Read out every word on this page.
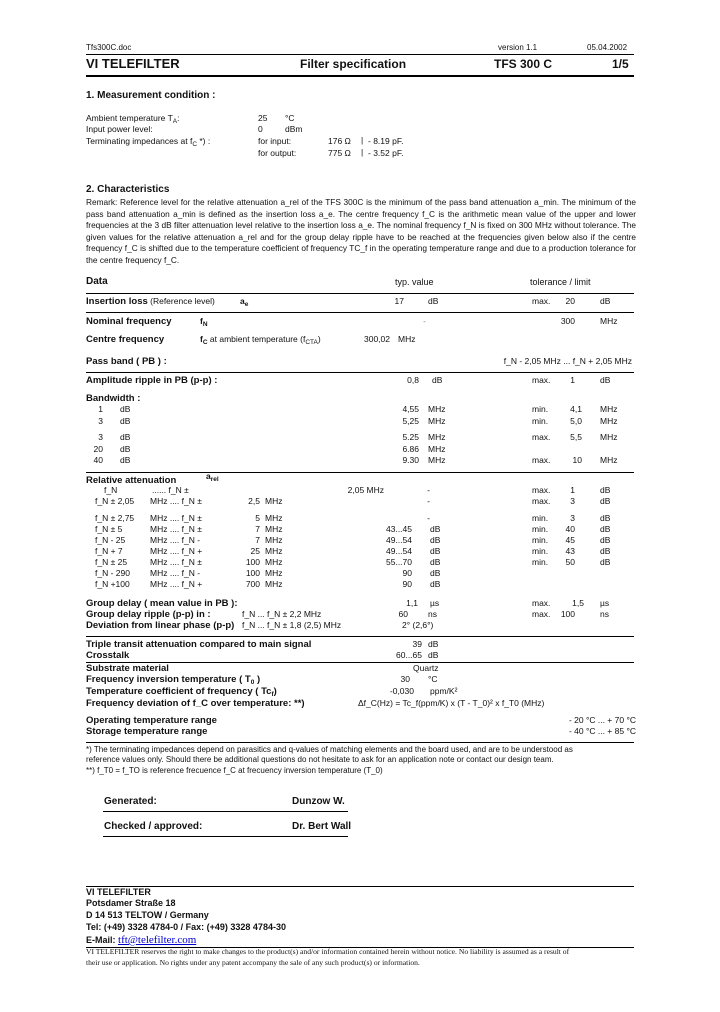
Tfs300C.doc	version 1.1	05.04.2002
VI TELEFILTER	Filter specification	TFS 300 C	1/5
1. Measurement condition :
Ambient temperature $T_A$:	25 °C
Input power level:	0	dBm
Terminating impedances at $f_C$ *) :	for input:	176 Ω | - 8.19 pF.
for output:	775 Ω | - 3.52 pF.
2. Characteristics
Remark: Reference level for the relative attenuation a_rel of the TFS 300C is the minimum of the pass band attenuation a_min. The minimum of the pass band attenuation a_min is defined as the insertion loss a_e. The centre frequency f_C is the arithmetic mean value of the upper and lower frequencies at the 3 dB filter attenuation level relative to the insertion loss a_e. The nominal frequency f_N is fixed on 300 MHz without tolerance. The given values for the relative attenuation a_rel and for the group delay ripple have to be reached at the frequencies given below also if the centre frequency f_C is shifted due to the temperature coefficient of frequency TC_f in the operating temperature range and due to a production tolerance for the centre frequency f_C.
Data	typ. value	tolerance / limit
Insertion loss (Reference level)	$a_e$	17	dB	max. 20	dB
Nominal frequency	$f_N$	-	300	MHz
Centre frequency	$f_C$ at ambient temperature $(f_{CTA})$	300,02 MHz
Pass band ( PB ) :	f_N - 2,05 MHz ... f_N + 2,05 MHz
Amplitude ripple in PB (p-p) :	0,8 dB	max. 1	dB
Bandwidth :
1 dB	4,55 MHz	min.	4,1 MHz
3 dB	5,25 MHz	min.	5,0 MHz
3 dB	5.25 MHz	max. 5,5 MHz
20 dB	6.86 MHz
40 dB	9.30 MHz	max.	10 MHz
Relative attenuation	$a_{rel}$
f_N	...... f_N ±	2,05 MHz	-	max. 1	dB
f_N ± 2,05 MHz .... f_N ±	2,5 MHz	-	max. 3	dB
f_N ± 2,75 MHz .... f_N ±	5 MHz	-	min.	3	dB
f_N ± 5	MHz .... f_N ±	7 MHz	43...45 dB	min. 40	dB
f_N - 25	MHz .... f_N -	7 MHz	49...54 dB	min. 45	dB
f_N + 7	MHz .... f_N +	25 MHz	49...54 dB	min. 43	dB
f_N ± 25	MHz .... f_N ±	100 MHz	55...70 dB	min. 50	dB
f_N - 290 MHz .... f_N -	100 MHz	90 dB
f_N +100 MHz .... f_N +	700 MHz	90 dB
Group delay ( mean value in PB ):	1,1 µs	max.	1,5 µs
Group delay ripple (p-p) in :	f_N ... f_N ± 2,2 MHz	60 ns	max. 100	ns
Deviation from linear phase (p-p) f_N ... f_N ± 1,8 (2,5) MHz	2° (2,6°)
Triple transit attenuation compared to main signal	39 dB
Crosstalk	60...65 dB
Substrate material	Quartz
Frequency inversion temperature ( $T_0$ )	30 °C
Temperature coefficient of frequency ( $Tc_f$)	-0,030 ppm/K²
Frequency deviation of f_C over temperature: **)	Δf_C(Hz) = Tc_f(ppm/K) x (T - T_0)² x f_T0 (MHz)
Operating temperature range	- 20 °C ... + 70 °C
Storage temperature range	- 40 °C ... + 85 °C
*) The terminating impedances depend on parasitics and q-values of matching elements and the board used, and are to be understood as
reference values only. Should there be additional questions do not hesitate to ask for an application note or contact our design team.
**) f_T0 = f_TO is reference frecuence f_C at frecuency inversion temperature (T_0)
Generated:	Dunzow W.
Checked / approved:	Dr. Bert Wall
VI TELEFILTER
Potsdamer Straße 18
D 14 513 TELTOW / Germany
Tel: (+49) 3328 4784-0 / Fax: (+49) 3328 4784-30
E-Mail: tft@telefilter.com
VI TELEFILTER reserves the right to make changes to the product(s) and/or information contained herein without notice. No liability is assumed as a result of
their use or application. No rights under any patent accompany the sale of any such product(s) or information.
